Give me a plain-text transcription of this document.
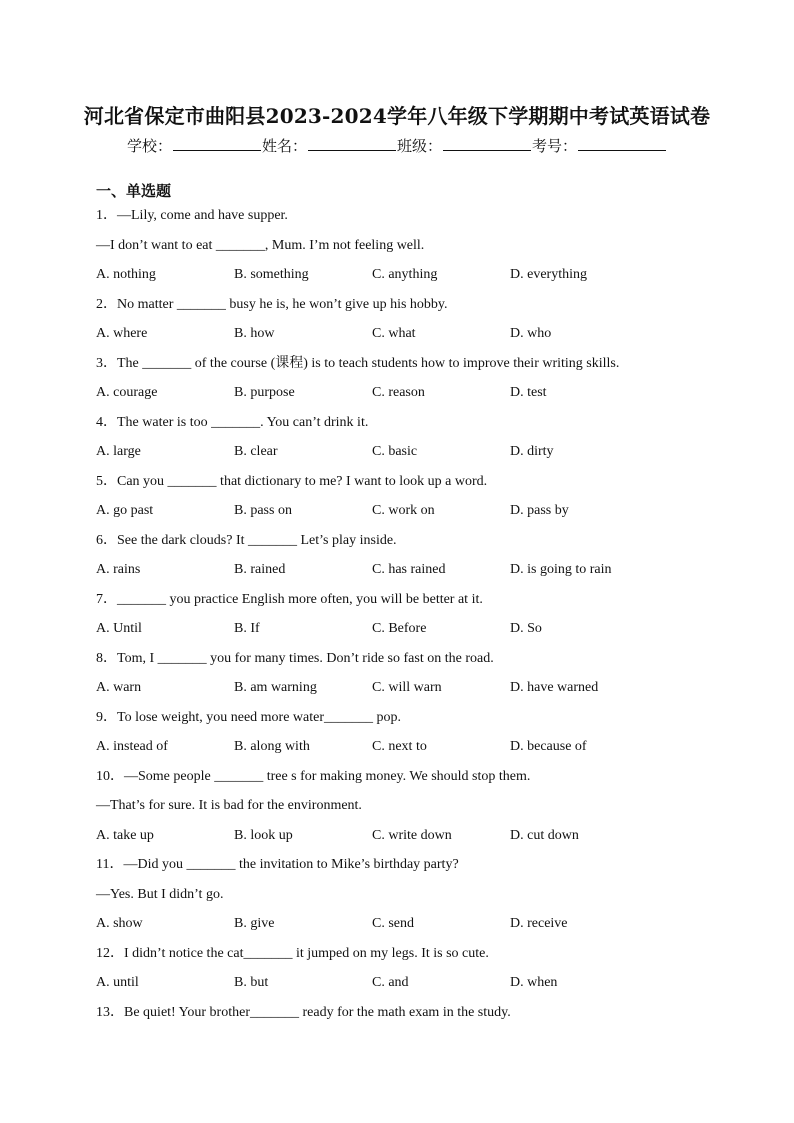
河北省保定市曲阳县2023-2024学年八年级下学期期中考试英语试卷
学校：	姓名：	班级：	考号：
一、单选题
1．—Lily, come and have supper.
—I don’t want to eat _______, Mum. I’m not feeling well.
A. nothing	B. something	C. anything	D. everything
2．No matter _______ busy he is, he won’t give up his hobby.
A. where	B. how	C. what	D. who
3．The _______ of the course (课程) is to teach students how to improve their writing skills.
A. courage	B. purpose	C. reason	D. test
4．The water is too _______. You can’t drink it.
A. large	B. clear	C. basic	D. dirty
5．Can you _______ that dictionary to me? I want to look up a word.
A. go past	B. pass on	C. work on	D. pass by
6．See the dark clouds? It _______ Let’s play inside.
A. rains	B. rained	C. has rained	D. is going to rain
7．_______ you practice English more often, you will be better at it.
A. Until	B. If	C. Before	D. So
8．Tom, I _______ you for many times. Don’t ride so fast on the road.
A. warn	B. am warning	C. will warn	D. have warned
9．To lose weight, you need more water_______ pop.
A. instead of	B. along with	C. next to	D. because of
10．—Some people _______ tree s for making money. We should stop them.
—That’s for sure. It is bad for the environment.
A. take up	B. look up	C. write down	D. cut down
11．—Did you _______ the invitation to Mike’s birthday party?
—Yes. But I didn’t go.
A. show	B. give	C. send	D. receive
12．I didn’t notice the cat_______ it jumped on my legs. It is so cute.
A. until	B. but	C. and	D. when
13．Be quiet! Your brother_______ ready for the math exam in the study.
